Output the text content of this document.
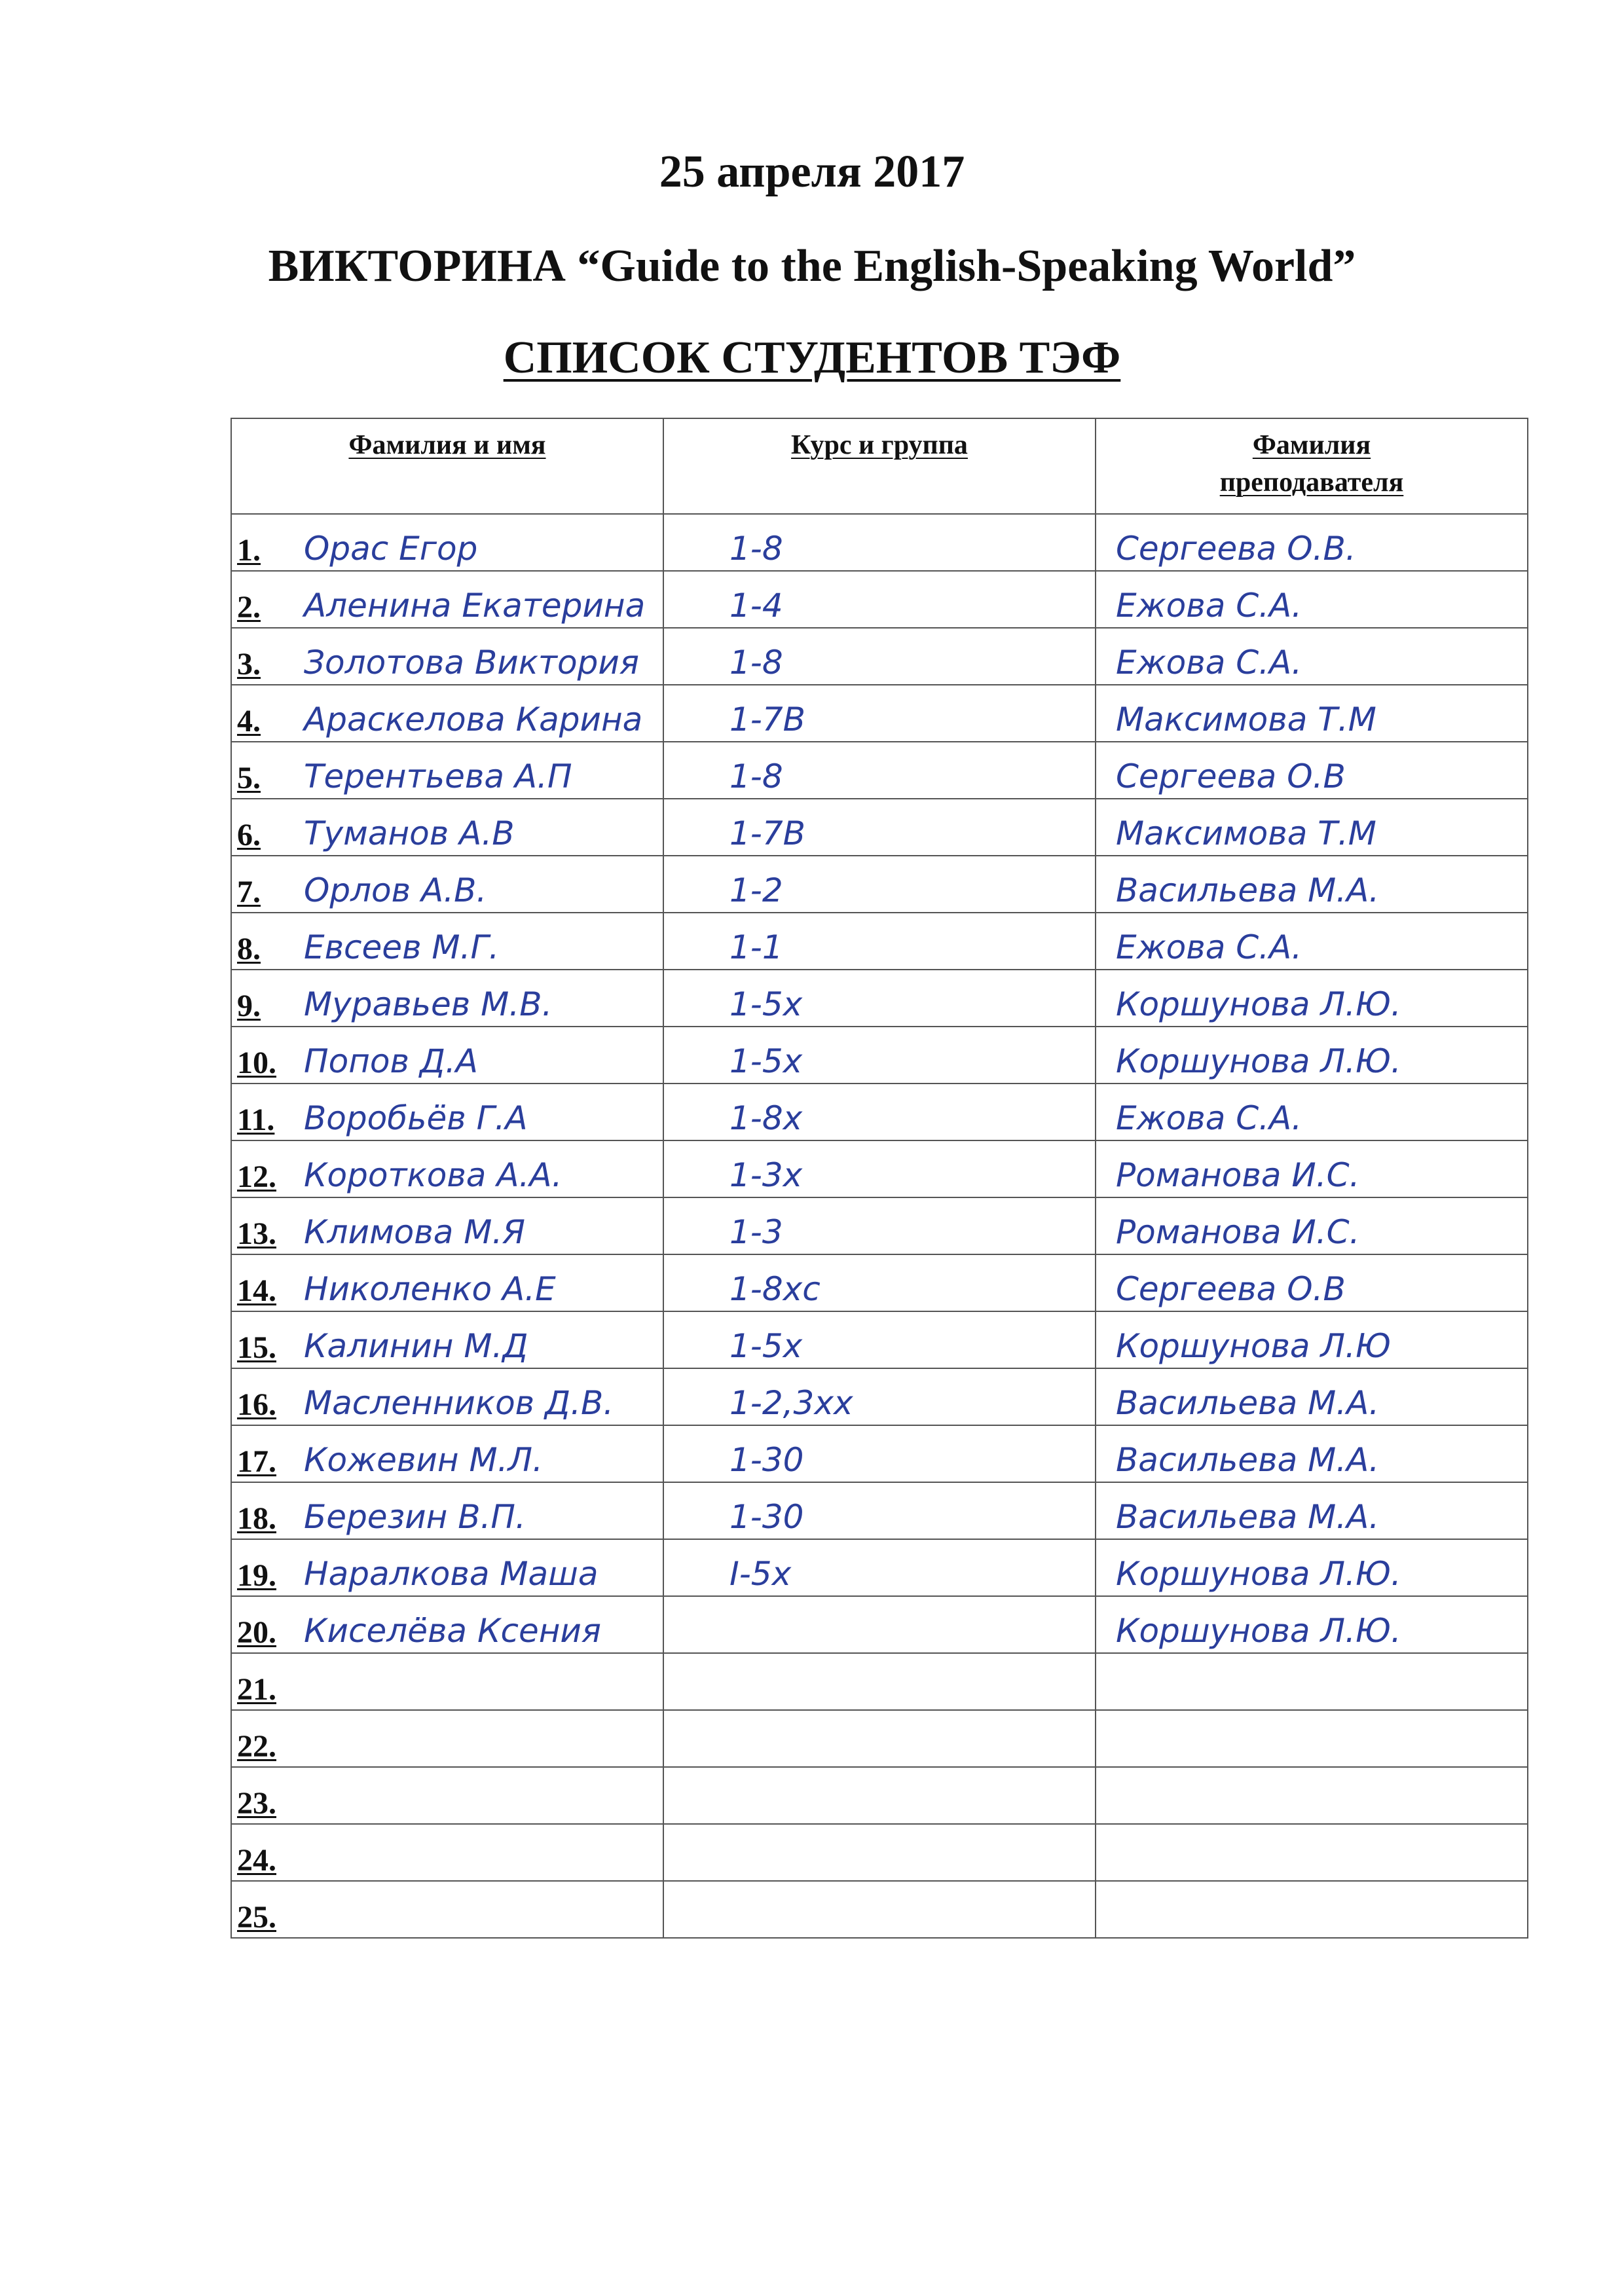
25 апреля 2017
ВИКТОРИНА “Guide to the English-Speaking World”
СПИСОК СТУДЕНТОВ ТЭФ
Фамилия и имя	Курс и группа	Фамилия
преподавателя

1. Орас Егор	1-8	Сергеева О.В.

2. Аленина Екатерина	1-4	Ежова С.А.

3. Золотова Виктория	1-8	Ежова С.А.

4. Араскелова Карина	1-7В	Максимова Т.М

5. Терентьева А.П	1-8	Сергеева О.В

6. Туманов А.В	1-7В	Максимова Т.М

7. Орлов А.В.	1-2	Васильева М.А.

8. Евсеев М.Г.	1-1	Ежова С.А.

9. Муравьев М.В.	1-5x	Коршунова Л.Ю.

10. Попов Д.А	1-5x	Коршунова Л.Ю.

11. Воробьёв Г.А	1-8x	Ежова С.А.

12. Короткова А.А.	1-3x	Романова И.С.

13. Климова М.Я	1-3	Романова И.С.

14. Николенко А.Е	1-8xc	Сергеева О.В

15. Калинин М.Д	1-5x	Коршунова Л.Ю

16. Масленников Д.В.	1-2,3xx	Васильева М.А.

17. Кожевин М.Л.	1-30	Васильева М.А.

18. Березин В.П.	1-30	Васильева М.А.

19. Наралкова Маша	I-5x	Коршунова Л.Ю.

20. Киселёва Ксения		Коршунова Л.Ю.

21.		

22.		

23.		

24.		

25.		
